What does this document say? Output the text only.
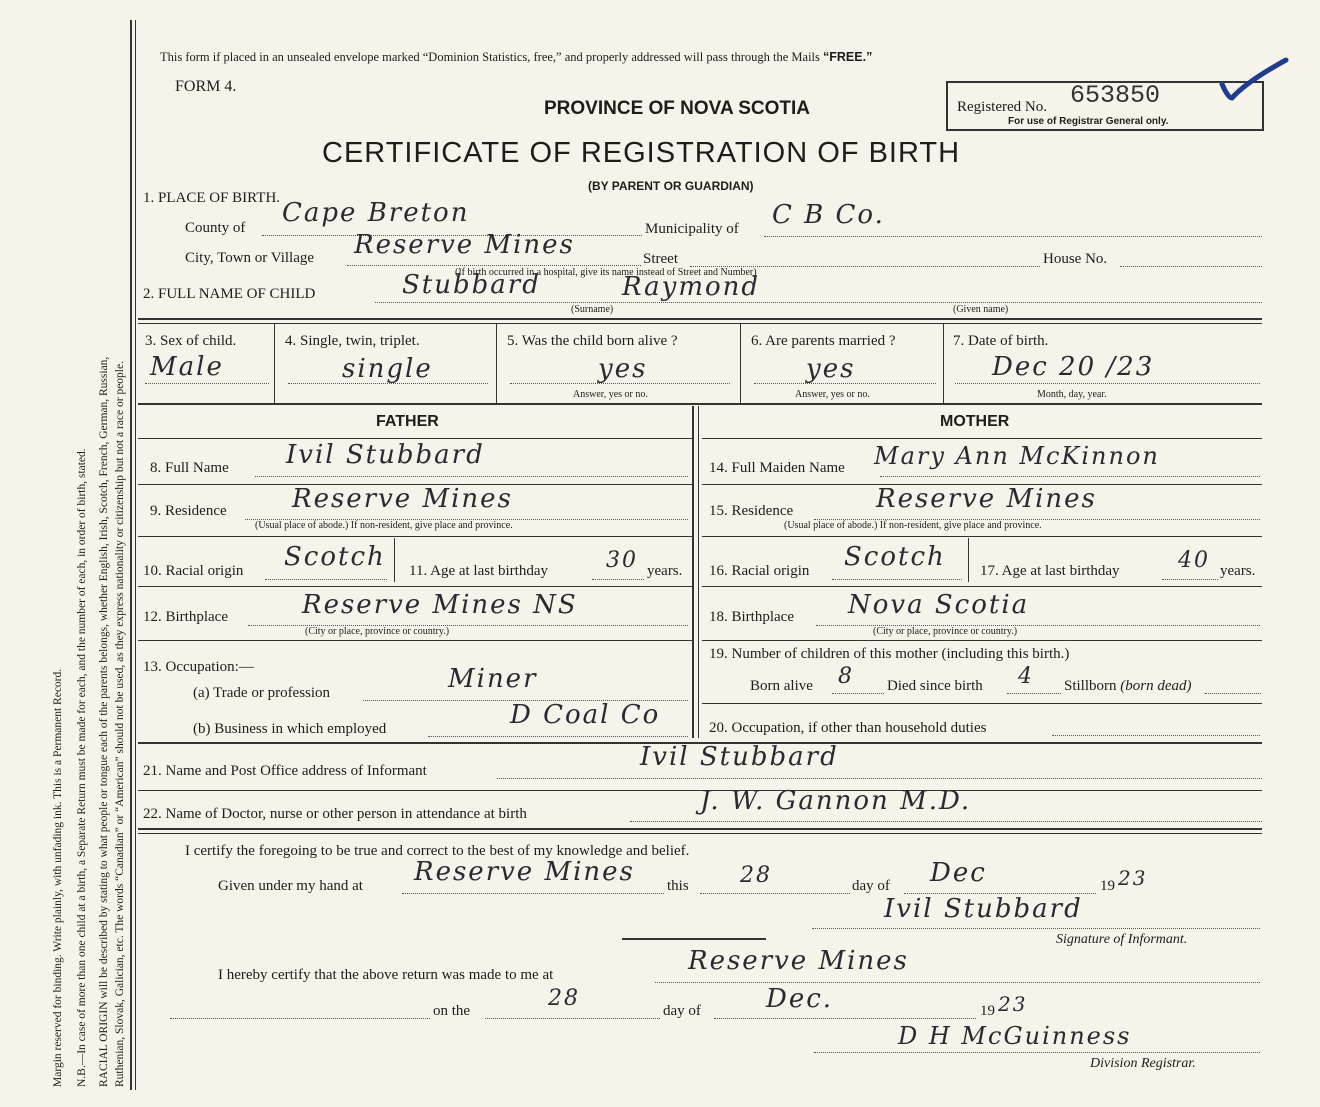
Margin reserved for binding. Write plainly, with unfading ink. This is a Permanent Record. N.B.—In case of more than one child at a birth, a Separate Return must be made for each, and the number of each, in order of birth, stated. RACIAL ORIGIN will be described by stating to what people or tongue each of the parents belongs, whether English, Irish, Scotch, French, German, Russian, Ruthenian, Slovak, Galician, etc. The words “Canadian” or “American” should not be used, as they express nationality or citizenship but not a race or people.
This form if placed in an unsealed envelope marked “Dominion Statistics, free,” and properly addressed will pass through the Mails “FREE.”
FORM 4.
PROVINCE OF NOVA SCOTIA
CERTIFICATE OF REGISTRATION OF BIRTH
(BY PARENT OR GUARDIAN)
Registered No. 653850
For use of Registrar General only.
1. PLACE OF BIRTH.
County of Cape Breton
Municipality of C B Co.
City, Town or Village Reserve Mines	Street	House No.
(If birth occurred in a hospital, give its name instead of Street and Number)
2. FULL NAME OF CHILD	Stubbard	Raymond
(Surname)	(Given name)
3. Sex of child.
Male
4. Single, twin, triplet.
single
5. Was the child born alive ?
yes
Answer, yes or no.
6. Are parents married ?
yes
Answer, yes or no.
7. Date of birth.
Dec 20 /23
Month, day, year.
FATHER	MOTHER
8. Full Name Ivil Stubbard	14. Full Maiden Name Mary Ann McKinnon
9. Residence	Reserve Mines
(Usual place of abode.) If non-resident, give place and province.
15. Residence	Reserve Mines
(Usual place of abode.) If non-resident, give place and province.
10. Racial origin Scotch 11. Age at last birthday	30 years. 16. Racial origin Scotch 17. Age at last birthday	40 years.
12. Birthplace	Reserve Mines NS
(City or place, province or country.)
18. Birthplace Nova Scotia
(City or place, province or country.)
13. Occupation:—
(a) Trade or profession	Miner
(b) Business in which employed	D Coal Co
19. Number of children of this mother (including this birth.)
Born alive 8 Died since birth 4 Stillborn (born dead)
20. Occupation, if other than household duties
21. Name and Post Office address of Informant	Ivil Stubbard
22. Name of Doctor, nurse or other person in attendance at birth	J. W. Gannon M.D.
I certify the foregoing to be true and correct to the best of my knowledge and belief.
Given under my hand at Reserve Mines this 28	day of Dec	19 23
Ivil Stubbard
Signature of Informant.
I hereby certify that the above return was made to me at	Reserve Mines
on the	28	day of	Dec.	19 23
D H McGuinness
Division Registrar.
